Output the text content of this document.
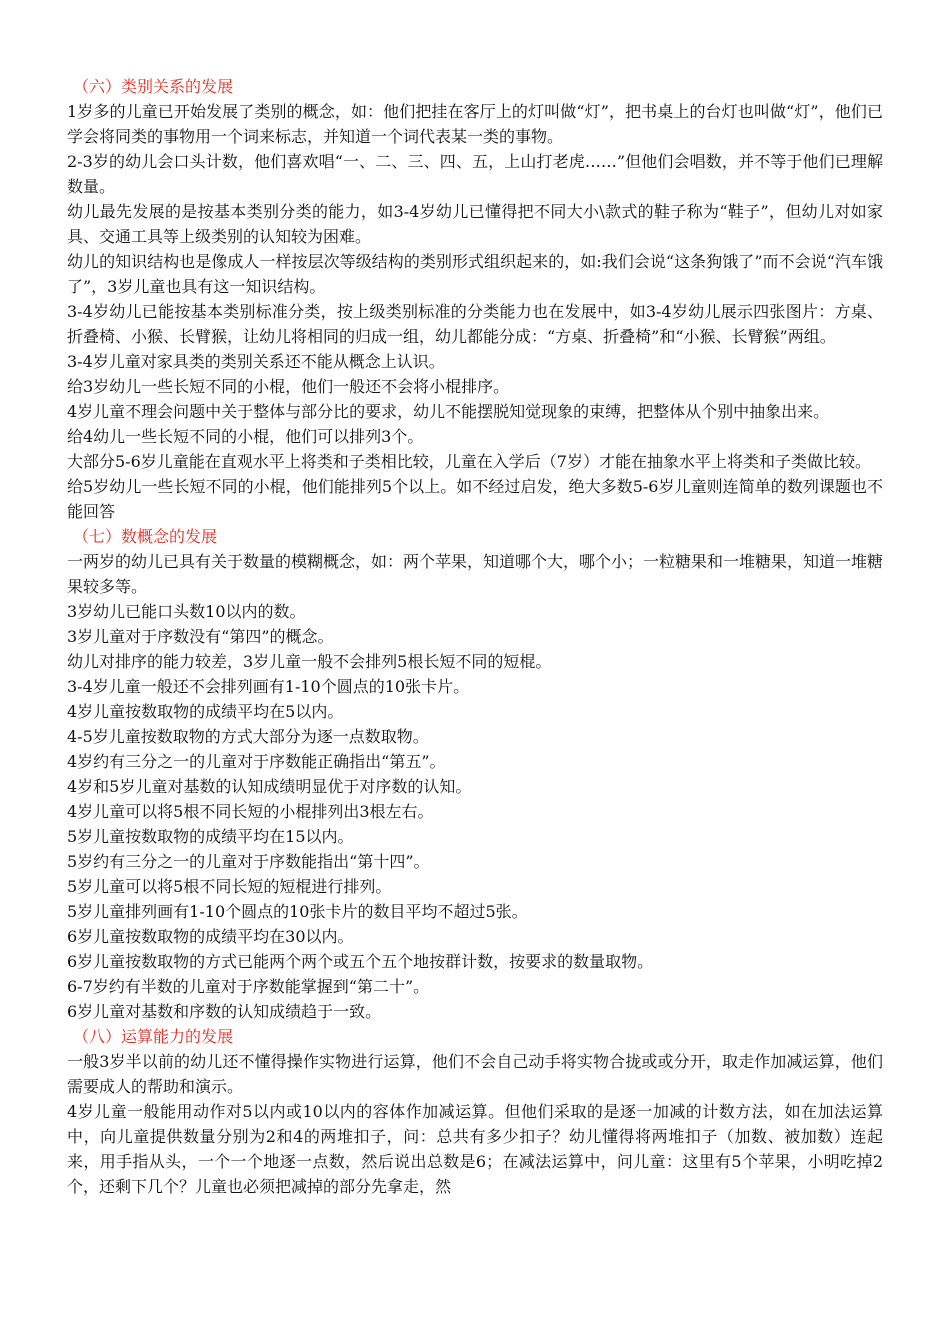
（六）类别关系的发展
1岁多的儿童已开始发展了类别的概念，如：他们把挂在客厅上的灯叫做“灯”，把书桌上的台灯也叫做“灯”，他们已学会将同类的事物用一个词来标志，并知道一个词代表某一类的事物。
2-3岁的幼儿会口头计数，他们喜欢唱“一、二、三、四、五，上山打老虎……”但他们会唱数，并不等于他们已理解数量。
幼儿最先发展的是按基本类别分类的能力，如3-4岁幼儿已懂得把不同大小\款式的鞋子称为“鞋子”，但幼儿对如家具、交通工具等上级类别的认知较为困难。
幼儿的知识结构也是像成人一样按层次等级结构的类别形式组织起来的，如:我们会说“这条狗饿了”而不会说“汽车饿了”，3岁儿童也具有这一知识结构。
3-4岁幼儿已能按基本类别标准分类，按上级类别标准的分类能力也在发展中，如3-4岁幼儿展示四张图片：方桌、折叠椅、小猴、长臂猴，让幼儿将相同的归成一组，幼儿都能分成：“方桌、折叠椅”和“小猴、长臂猴”两组。
3-4岁儿童对家具类的类别关系还不能从概念上认识。
给3岁幼儿一些长短不同的小棍，他们一般还不会将小棍排序。
4岁儿童不理会问题中关于整体与部分比的要求，幼儿不能摆脱知觉现象的束缚，把整体从个别中抽象出来。
给4幼儿一些长短不同的小棍，他们可以排列3个。
大部分5-6岁儿童能在直观水平上将类和子类相比较，儿童在入学后（7岁）才能在抽象水平上将类和子类做比较。
给5岁幼儿一些长短不同的小棍，他们能排列5个以上。如不经过启发，绝大多数5-6岁儿童则连简单的数列课题也不能回答
（七）数概念的发展
一两岁的幼儿已具有关于数量的模糊概念，如：两个苹果，知道哪个大，哪个小；一粒糖果和一堆糖果，知道一堆糖果较多等。
3岁幼儿已能口头数10以内的数。
3岁儿童对于序数没有“第四”的概念。
幼儿对排序的能力较差，3岁儿童一般不会排列5根长短不同的短棍。
3-4岁儿童一般还不会排列画有1-10个圆点的10张卡片。
4岁儿童按数取物的成绩平均在5以内。
4-5岁儿童按数取物的方式大部分为逐一点数取物。
4岁约有三分之一的儿童对于序数能正确指出“第五”。
4岁和5岁儿童对基数的认知成绩明显优于对序数的认知。
4岁儿童可以将5根不同长短的小棍排列出3根左右。
5岁儿童按数取物的成绩平均在15以内。
5岁约有三分之一的儿童对于序数能指出“第十四”。
5岁儿童可以将5根不同长短的短棍进行排列。
5岁儿童排列画有1-10个圆点的10张卡片的数目平均不超过5张。
6岁儿童按数取物的成绩平均在30以内。
6岁儿童按数取物的方式已能两个两个或五个五个地按群计数，按要求的数量取物。
6-7岁约有半数的儿童对于序数能掌握到“第二十”。
6岁儿童对基数和序数的认知成绩趋于一致。
（八）运算能力的发展
一般3岁半以前的幼儿还不懂得操作实物进行运算，他们不会自己动手将实物合拢或或分开，取走作加减运算，他们需要成人的帮助和演示。
4岁儿童一般能用动作对5以内或10以内的容体作加减运算。但他们采取的是逐一加减的计数方法，如在加法运算中，向儿童提供数量分别为2和4的两堆扣子，问：总共有多少扣子？幼儿懂得将两堆扣子（加数、被加数）连起来，用手指从头，一个一个地逐一点数，然后说出总数是6；在减法运算中，问儿童：这里有5个苹果，小明吃掉2个，还剩下几个？儿童也必须把减掉的部分先拿走，然
